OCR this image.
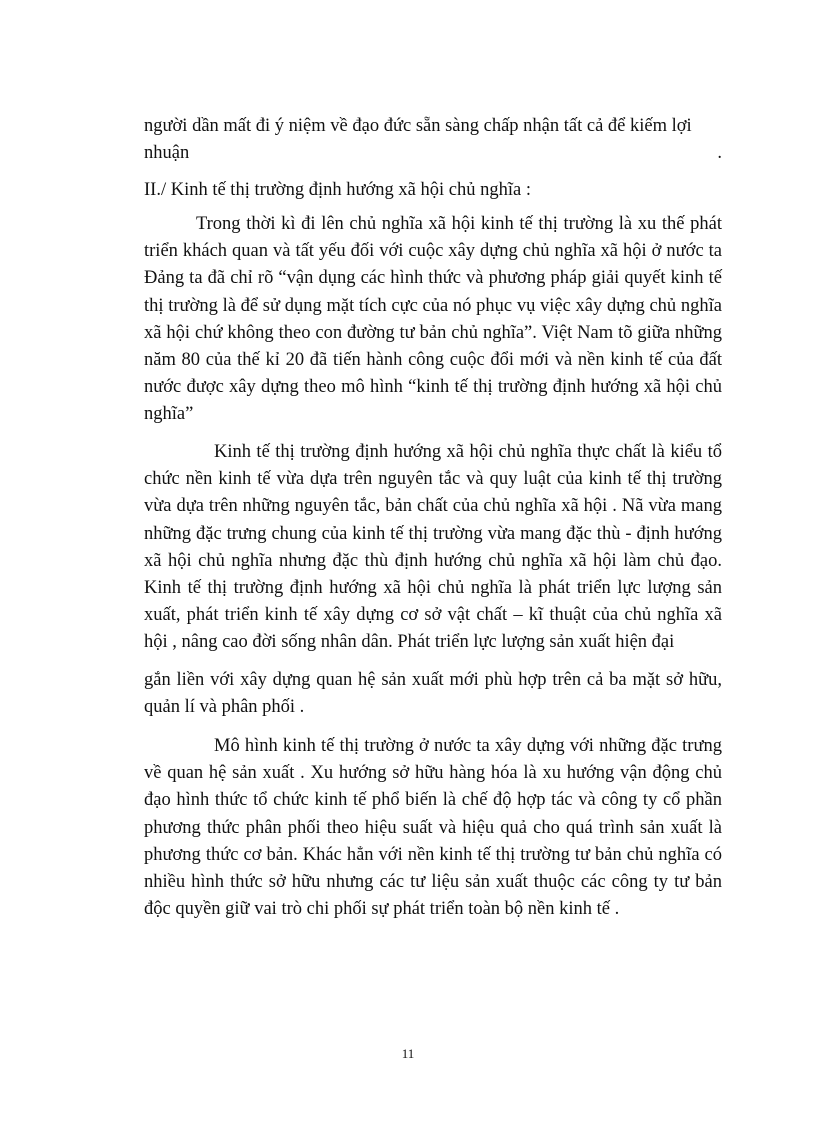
người dần mất đi ý niệm về đạo đức sẵn sàng chấp nhận tất cả để kiếm lợi

nhuận	.

II./ Kinh tế thị trường định hướng xã hội chủ nghĩa :

Trong thời kì đi lên chủ nghĩa xã hội kinh tế thị trường là xu thế phát triển khách quan và tất yếu đối với cuộc xây dựng chủ nghĩa xã hội ở nước ta Đảng ta đã chỉ rõ “vận dụng các hình thức và phương pháp giải quyết kinh tế thị trường là để sử dụng mặt tích cực của nó phục vụ việc xây dựng chủ nghĩa xã hội chứ không theo con đường tư bản chủ nghĩa”. Việt Nam tõ giữa những năm 80 của thế kỉ 20 đã tiến hành công cuộc đổi mới và nền kinh tế của đất nước được xây dựng theo mô hình “kinh tế thị trường định hướng xã hội chủ nghĩa”

Kinh tế thị trường định hướng xã hội chủ nghĩa thực chất là kiểu tổ chức nền kinh tế vừa dựa trên nguyên tắc và quy luật của kinh tế thị trường vừa dựa trên những nguyên tắc, bản chất của chủ nghĩa xã hội . Nã vừa mang những đặc trưng chung của kinh tế thị trường vừa mang đặc thù - định hướng xã hội chủ nghĩa nhưng đặc thù định hướng chủ nghĩa xã hội làm chủ đạo. Kinh tế thị trường định hướng xã hội chủ nghĩa là phát triển lực lượng sản xuất, phát triển kinh tế xây dựng cơ sở vật chất – kĩ thuật của chủ nghĩa xã hội , nâng cao đời sống nhân dân. Phát triển lực lượng sản xuất hiện đại

gắn liền với xây dựng quan hệ sản xuất mới phù hợp trên cả ba mặt sở hữu, quản lí và phân phối .

Mô hình kinh tế thị trường ở nước ta xây dựng với những đặc trưng về quan hệ sản xuất . Xu hướng sở hữu hàng hóa là xu hướng vận động chủ đạo hình thức tổ chức kinh tế phổ biến là chế độ hợp tác và công ty cổ phần phương thức phân phối theo hiệu suất và hiệu quả cho quá trình sản xuất là phương thức cơ bản. Khác hẳn với nền kinh tế thị trường tư bản chủ nghĩa có nhiều hình thức sở hữu nhưng các tư liệu sản xuất thuộc các công ty tư bản độc quyền giữ vai trò chi phối sự phát triển toàn bộ nền kinh tế .

11
